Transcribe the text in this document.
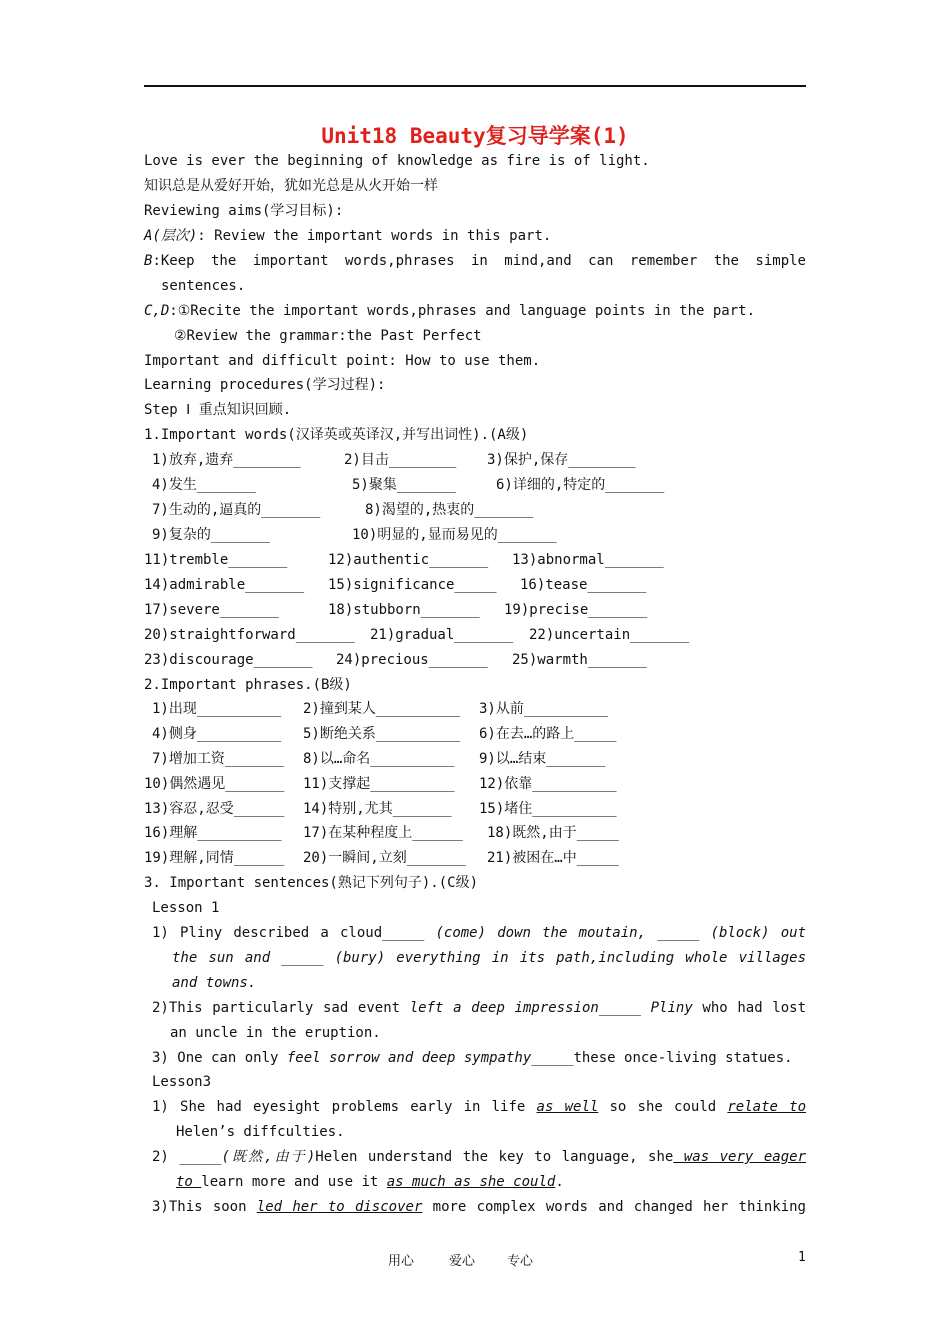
Unit18 Beauty复习导学案(1)
Love is ever the beginning of knowledge as fire is of light.
知识总是从爱好开始，犹如光总是从火开始一样
Reviewing aims(学习目标):
A(层次): Review the important words in this part.
B:Keep the important words,phrases in mind,and can remember the simple
sentences.
C,D:①Recite the important words,phrases and language points in the part.
②Review the grammar:the Past Perfect
Important and difficult point: How to use them.
Learning procedures(学习过程):
Step Ⅰ 重点知识回顾.
1.Important words(汉译英或英译汉,并写出词性).(A级)
1)放弃,遗弃________	2)目击________ 3)保护,保存________
4)发生_______	5)聚集_______	6)详细的,特定的_______
7)生动的,逼真的_______	8)渴望的,热衷的_______
9)复杂的_______	10)明显的,显而易见的_______
11)tremble_______	12)authentic_______ 13)abnormal_______
14)admirable_______ 15)significance_____ 16)tease_______
17)severe_______	18)stubborn_______ 19)precise_______
20)straightforward_______ 21)gradual_______ 22)uncertain_______
23)discourage_______ 24)precious_______ 25)warmth_______
2.Important phrases.(B级)
1)出现__________ 2)撞到某人__________ 3)从前__________
4)侧身__________ 5)断绝关系__________ 6)在去…的路上_____
7)增加工资_______ 8)以…命名__________ 9)以…结束_______
10)偶然遇见_______ 11)支撑起__________ 12)依靠__________
13)容忍,忍受______ 14)特别,尤其_______ 15)堵住__________
16)理解__________ 17)在某种程度上______ 18)既然,由于_____
19)理解,同情______ 20)一瞬间,立刻_______ 21)被困在…中_____
3. Important sentences(熟记下列句子).(C级)
Lesson 1
1) Pliny described a cloud_____ (come) down the moutain, _____ (block) out
the sun and _____ (bury) everything in its path,including whole villages
and towns.
2)This particularly sad event left a deep impression_____ Pliny who had lost
an uncle in the eruption.
3) One can only feel sorrow and deep sympathy_____these once-living statues.
Lesson3
1) She had eyesight problems early in life as well so she could relate to
Helen’s diffculties.
2) _____(既然,由于)Helen understand the key to language, she was very eager
to learn more and use it as much as she could.
3)This soon led her to discover more complex words and changed her thinking
用心	爱心 专心	1
